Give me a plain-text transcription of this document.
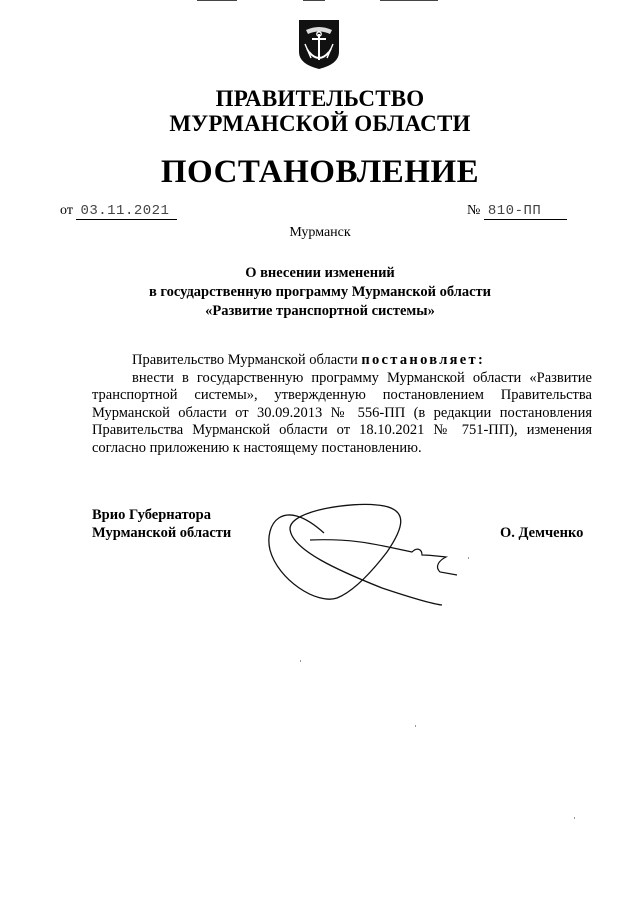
ПРАВИТЕЛЬСТВО
МУРМАНСКОЙ ОБЛАСТИ
ПОСТАНОВЛЕНИЕ
от 03.11.2021	№ 810-ПП
Мурманск
О внесении изменений
в государственную программу Мурманской области
«Развитие транспортной системы»

Правительство Мурманской области постановляет:

внести в государственную программу Мурманской области «Развитие транспортной системы», утвержденную постановлением Правительства Мурманской области от 30.09.2013 № 556-ПП (в редакции постановления Правительства Мурманской области от 18.10.2021 № 751-ПП), изменения согласно приложению к настоящему постановлению.

Врио Губернатора
Мурманской области	О. Демченко
